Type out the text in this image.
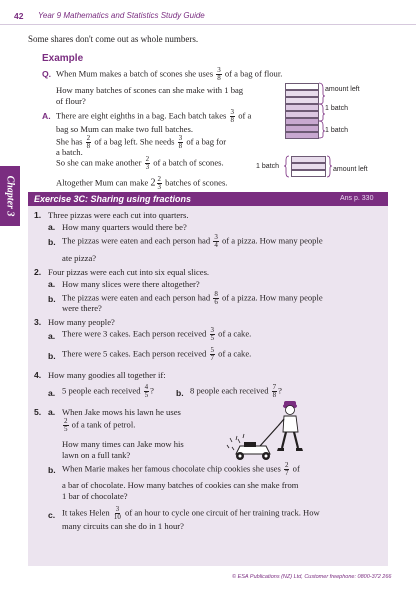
42 Year 9 Mathematics and Statistics Study Guide
Chapter 3
Some shares don't come out as whole numbers.
Example
Q. When Mum makes a batch of scones she uses $\frac{3}{8}$ of a bag of flour.
How many batches of scones can she make with 1 bag
of flour?
A. There are eight eighths in a bag. Each batch takes $\frac{3}{8}$ of a
bag so Mum can make two full batches.
She has $\frac{2}{8}$ of a bag left. She needs $\frac{3}{8}$ of a bag for
a batch.
So she can make another $\frac{2}{3}$ of a batch of scones.
Altogether Mum can make $2 \frac{2}{3}$ batches of scones.
amount left
1 batch
1 batch
1 batch	amount left
Exercise 3C: Sharing using fractions	Ans p. 330
1. Three pizzas were each cut into quarters.
a. How many quarters would there be?
b. The pizzas were eaten and each person had $\frac{3}{4}$ of a pizza. How many people
ate pizza?
2. Four pizzas were each cut into six equal slices.
a. How many slices were there altogether?
b. The pizzas were eaten and each person had $\frac{8}{6}$ of a pizza. How many people
were there?
3. How many people?
a. There were 3 cakes. Each person received $\frac{3}{5}$ of a cake.
b. There were 5 cakes. Each person received $\frac{5}{7}$ of a cake.
4. How many goodies all together if:
a. 5 people each received $\frac{4}{5}$ ?	b. 8 people each received $\frac{7}{8}$ ?
5. a. When Jake mows his lawn he uses
$\frac{2}{5}$ of a tank of petrol.
How many times can Jake mow his
lawn on a full tank?
b. When Marie makes her famous chocolate chip cookies she uses $\frac{2}{7}$ of
a bar of chocolate. How many batches of cookies can she make from
1 bar of chocolate?
c. It takes Helen $\frac{3}{10}$ of an hour to cycle one circuit of her training track. How
many circuits can she do in 1 hour?
© ESA Publications (NZ) Ltd, Customer freephone: 0800-372 266
